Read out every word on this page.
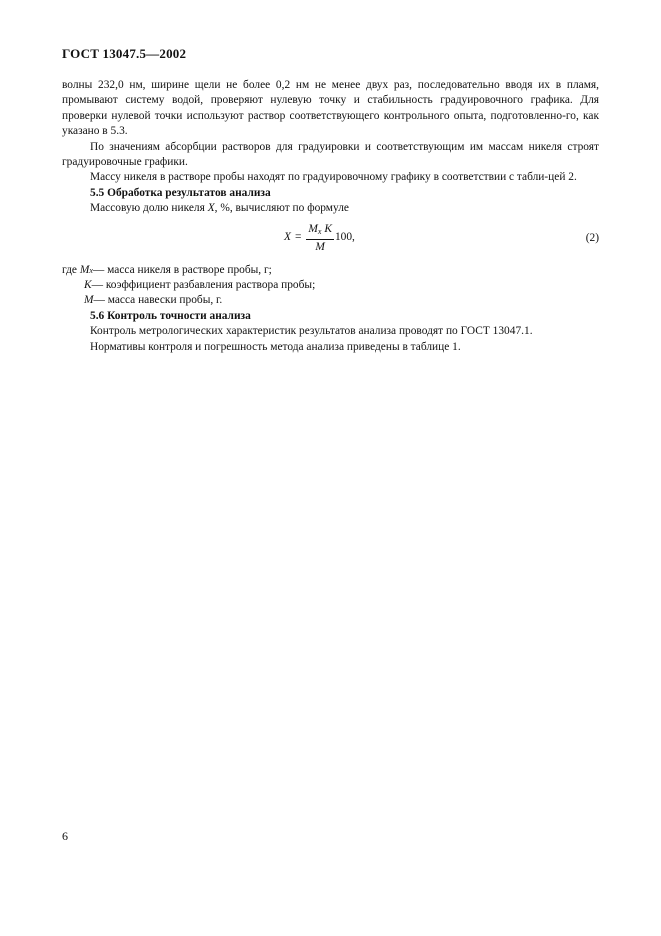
ГОСТ 13047.5—2002

волны 232,0 нм, ширине щели не более 0,2 нм не менее двух раз, последовательно вводя их в пламя, промывают систему водой, проверяют нулевую точку и стабильность градуировочного графика. Для проверки нулевой точки используют раствор соответствующего контрольного опыта, подготовленно-го, как указано в 5.3.

По значениям абсорбции растворов для градуировки и соответствующим им массам никеля строят градуировочные графики.

Массу никеля в растворе пробы находят по градуировочному графику в соответствии с табли-цей 2.

5.5 Обработка результатов анализа

Массовую долю никеля X, %, вычисляют по формуле

$X = \frac{M_x K}{M} 100$,	(2)
где
M x — масса никеля в растворе пробы, г;
K — коэффициент разбавления раствора пробы;
M — масса навески пробы, г.

5.6 Контроль точности анализа

Контроль метрологических характеристик результатов анализа проводят по ГОСТ 13047.1.

Нормативы контроля и погрешность метода анализа приведены в таблице 1.

6
